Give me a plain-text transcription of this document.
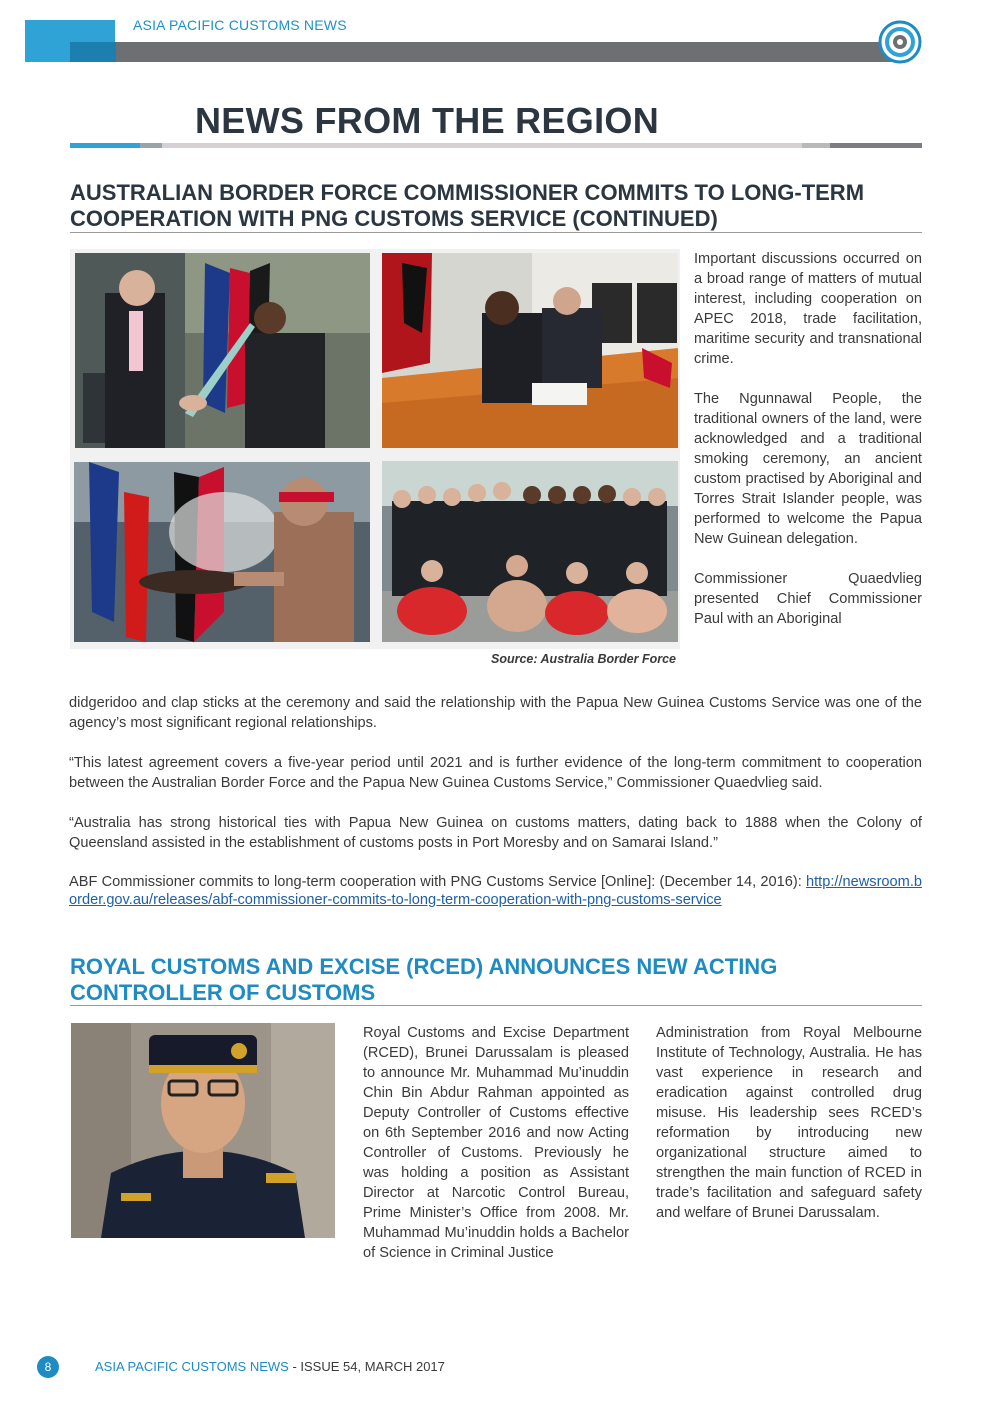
ASIA PACIFIC CUSTOMS NEWS
NEWS FROM THE REGION
AUSTRALIAN BORDER FORCE COMMISSIONER COMMITS TO LONG-TERM COOPERATION WITH PNG CUSTOMS SERVICE (CONTINUED)
Source: Australia Border Force

Important discussions occurred on a broad range of matters of mutual interest, including cooperation on APEC 2018, trade facilitation, maritime security and transnational crime.

The Ngunnawal People, the traditional owners of the land, were acknowledged and a traditional smoking ceremony, an ancient custom practised by Aboriginal and Torres Strait Islander people, was performed to welcome the Papua New Guinean delegation.

Commissioner Quaedvlieg presented Chief Commissioner Paul with an Aboriginal

didgeridoo and clap sticks at the ceremony and said the relationship with the Papua New Guinea Customs Service was one of the agency’s most significant regional relationships.

“This latest agreement covers a five-year period until 2021 and is further evidence of the long-term commitment to cooperation between the Australian Border Force and the Papua New Guinea Customs Service,” Commissioner Quaedvlieg said.

“Australia has strong historical ties with Papua New Guinea on customs matters, dating back to 1888 when the Colony of Queensland assisted in the establishment of customs posts in Port Moresby and on Samarai Island.”

ABF Commissioner commits to long-term cooperation with PNG Customs Service [Online]: (December 14, 2016): http://newsroom.border.gov.au/releases/abf-commissioner-commits-to-long-term-cooperation-with-png-customs-service

ROYAL CUSTOMS AND EXCISE (RCED) ANNOUNCES NEW ACTING CONTROLLER OF CUSTOMS
Royal Customs and Excise Department (RCED), Brunei Darussalam is pleased to announce Mr. Muhammad Mu’inuddin Chin Bin Abdur Rahman appointed as Deputy Controller of Customs effective on 6th September 2016 and now Acting Controller of Customs. Previously he was holding a position as Assistant Director at Narcotic Control Bureau, Prime Minister’s Office from 2008. Mr. Muhammad Mu’inuddin holds a Bachelor of Science in Criminal Justice
Administration from Royal Melbourne Institute of Technology, Australia. He has vast experience in research and eradication against controlled drug misuse. His leadership sees RCED’s reformation by introducing new organizational structure aimed to strengthen the main function of RCED in trade’s facilitation and safeguard safety and welfare of Brunei Darussalam.
8	ASIA PACIFIC CUSTOMS NEWS - ISSUE 54, MARCH 2017
